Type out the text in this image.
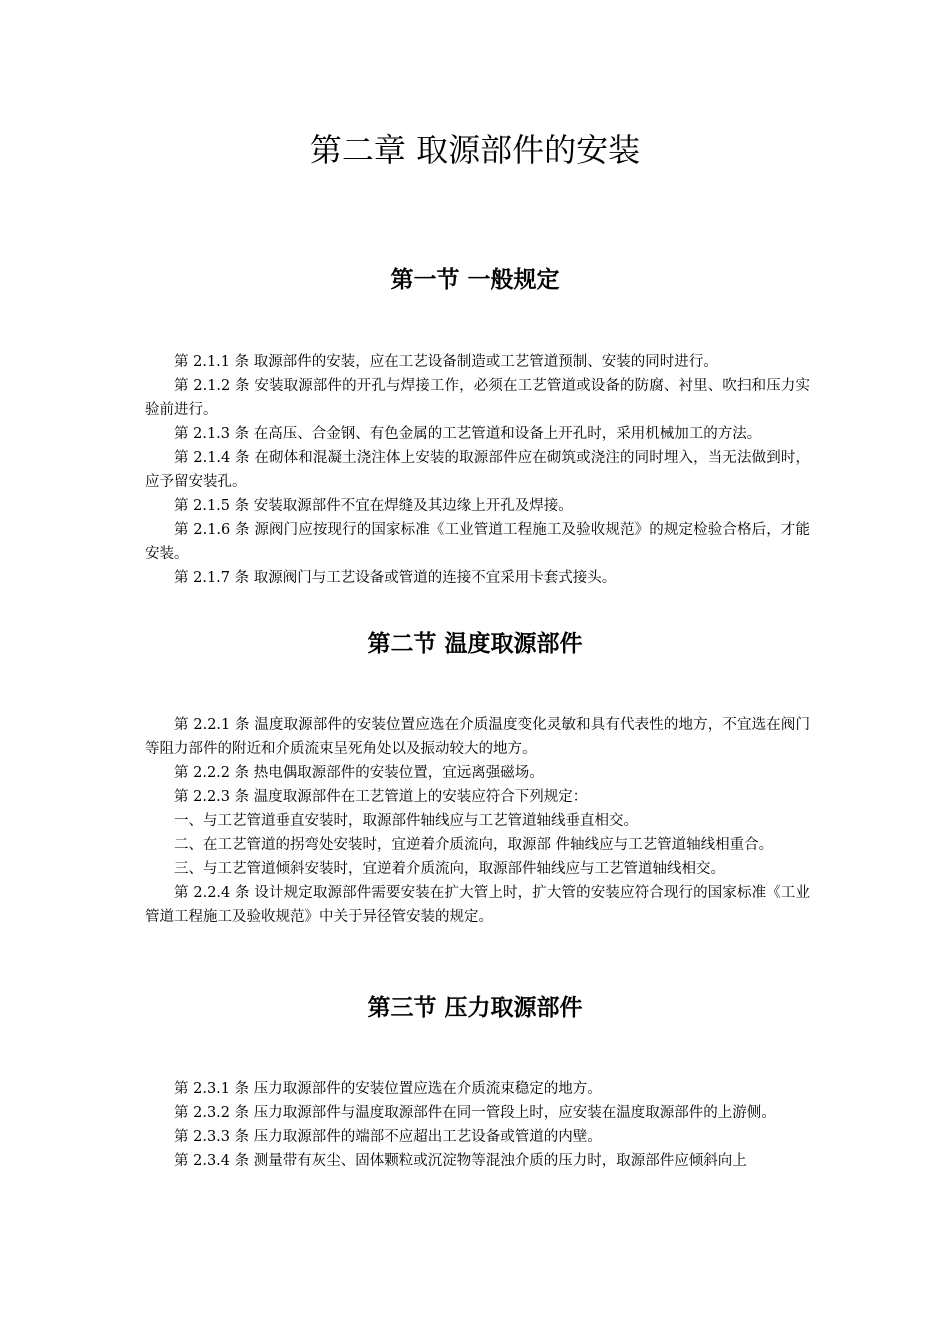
第二章 取源部件的安装
第一节 一般规定

第 2.1.1 条 取源部件的安装，应在工艺设备制造或工艺管道预制、安装的同时进行。

第 2.1.2 条 安装取源部件的开孔与焊接工作，必须在工艺管道或设备的防腐、衬里、吹扫和压力实验前进行。

第 2.1.3 条 在高压、合金钢、有色金属的工艺管道和设备上开孔时，采用机械加工的方法。

第 2.1.4 条 在砌体和混凝土浇注体上安装的取源部件应在砌筑或浇注的同时埋入，当无法做到时，应予留安装孔。

第 2.1.5 条 安装取源部件不宜在焊缝及其边缘上开孔及焊接。

第 2.1.6 条 源阀门应按现行的国家标准《工业管道工程施工及验收规范》的规定检验合格后，才能安装。

第 2.1.7 条 取源阀门与工艺设备或管道的连接不宜采用卡套式接头。

第二节 温度取源部件

第 2.2.1 条 温度取源部件的安装位置应选在介质温度变化灵敏和具有代表性的地方，不宜选在阀门等阻力部件的附近和介质流束呈死角处以及振动较大的地方。

第 2.2.2 条 热电偶取源部件的安装位置，宜远离强磁场。

第 2.2.3 条 温度取源部件在工艺管道上的安装应符合下列规定：

一、与工艺管道垂直安装时，取源部件轴线应与工艺管道轴线垂直相交。

二、在工艺管道的拐弯处安装时，宜逆着介质流向，取源部 件轴线应与工艺管道轴线相重合。

三、与工艺管道倾斜安装时，宜逆着介质流向，取源部件轴线应与工艺管道轴线相交。

第 2.2.4 条 设计规定取源部件需要安装在扩大管上时，扩大管的安装应符合现行的国家标准《工业管道工程施工及验收规范》中关于异径管安装的规定。

第三节 压力取源部件

第 2.3.1 条 压力取源部件的安装位置应选在介质流束稳定的地方。

第 2.3.2 条 压力取源部件与温度取源部件在同一管段上时，应安装在温度取源部件的上游侧。

第 2.3.3 条 压力取源部件的端部不应超出工艺设备或管道的内壁。

第 2.3.4 条 测量带有灰尘、固体颗粒或沉淀物等混浊介质的压力时，取源部件应倾斜向上
